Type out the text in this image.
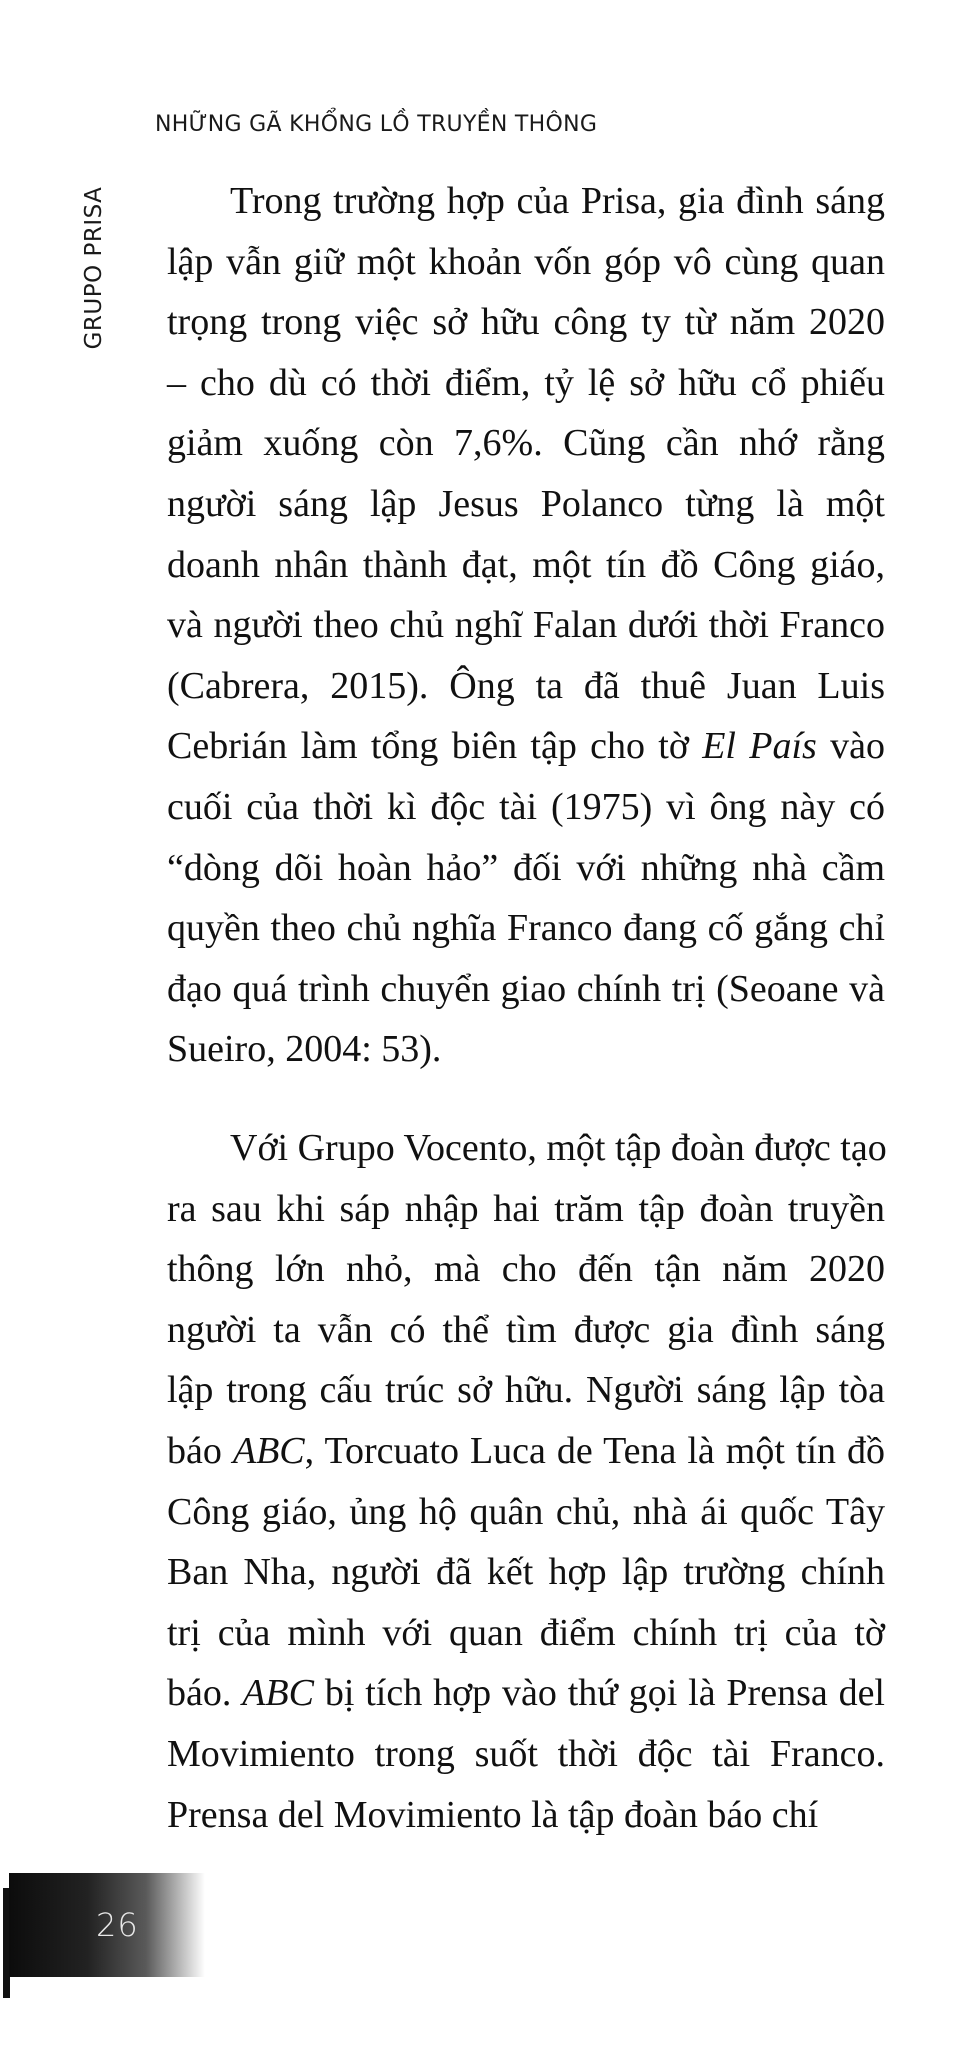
NHỮNG GÃ KHỔNG LỒ TRUYỀN THÔNG
GRUPO PRISA	Trong trường hợp của Prisa, gia đình sáng
lập vẫn giữ một khoản vốn góp vô cùng quan
trọng trong việc sở hữu công ty từ năm 2020
– cho dù có thời điểm, tỷ lệ sở hữu cổ phiếu
giảm xuống còn 7,6%. Cũng cần nhớ rằng
người sáng lập Jesus Polanco từng là một
doanh nhân thành đạt, một tín đồ Công giáo,
và người theo chủ nghĩ Falan dưới thời Franco
(Cabrera, 2015). Ông ta đã thuê Juan Luis
Cebrián làm tổng biên tập cho tờ El País vào
cuối của thời kì độc tài (1975) vì ông này có
“dòng dõi hoàn hảo” đối với những nhà cầm
quyền theo chủ nghĩa Franco đang cố gắng chỉ
đạo quá trình chuyển giao chính trị (Seoane và
Sueiro, 2004: 53).
Với Grupo Vocento, một tập đoàn được tạo
ra sau khi sáp nhập hai trăm tập đoàn truyền
thông lớn nhỏ, mà cho đến tận năm 2020
người ta vẫn có thể tìm được gia đình sáng
lập trong cấu trúc sở hữu. Người sáng lập tòa
báo ABC, Torcuato Luca de Tena là một tín đồ
Công giáo, ủng hộ quân chủ, nhà ái quốc Tây
Ban Nha, người đã kết hợp lập trường chính
trị của mình với quan điểm chính trị của tờ
báo. ABC bị tích hợp vào thứ gọi là Prensa del
Movimiento trong suốt thời độc tài Franco.
Prensa del Movimiento là tập đoàn báo chí
26
